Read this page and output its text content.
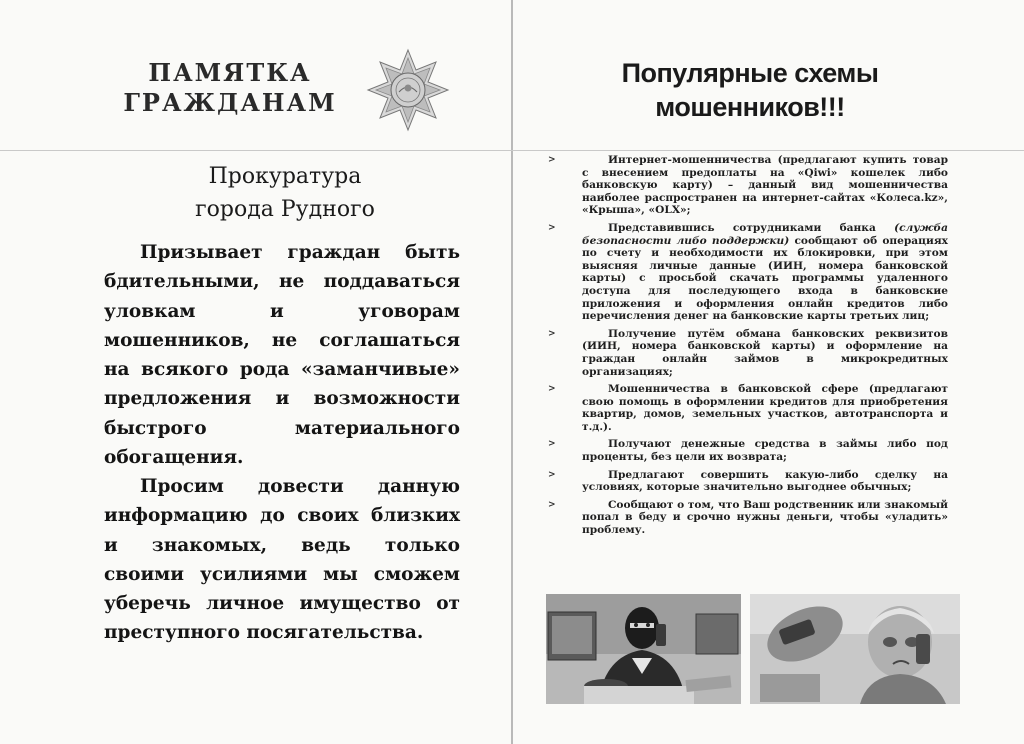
ПАМЯТКА
ГРАЖДАНАМ
Прокуратура
города Рудного
Призывает граждан быть бдительными, не поддаваться уловкам и уговорам мошенников, не соглашаться на всякого рода «заманчивые» предложения и возможности быстрого материального обогащения.
Просим довести данную информацию до своих близких и знакомых, ведь только своими усилиями мы сможем уберечь личное имущество от преступного посягательства.
Популярные схемы
мошенников!!!
>	Интернет-мошенничества (предлагают купить товар с внесением предоплаты на «Qiwi» кошелек либо банковскую карту) – данный вид мошенничества наиболее распространен на интернет-сайтах «Колеса.kz», «Крыша», «OLX»;
>	Представившись сотрудниками банка (служба безопасности либо поддержки) сообщают об операциях по счету и необходимости их блокировки, при этом выясняя личные данные (ИИН, номера банковской карты) с просьбой скачать программы удаленного доступа для последующего входа в банковские приложения и оформления онлайн кредитов либо перечисления денег на банковские карты третьих лиц;
>	Получение путём обмана банковских реквизитов (ИИН, номера банковской карты) и оформление на граждан онлайн займов в микрокредитных организациях;
>	Мошенничества в банковской сфере (предлагают свою помощь в оформлении кредитов для приобретения квартир, домов, земельных участков, автотранспорта и т.д.).
>	Получают денежные средства в займы либо под проценты, без цели их возврата;
>	Предлагают совершить какую-либо сделку на условиях, которые значительно выгоднее обычных;
>	Сообщают о том, что Ваш родственник или знакомый попал в беду и срочно нужны деньги, чтобы «уладить» проблему.
